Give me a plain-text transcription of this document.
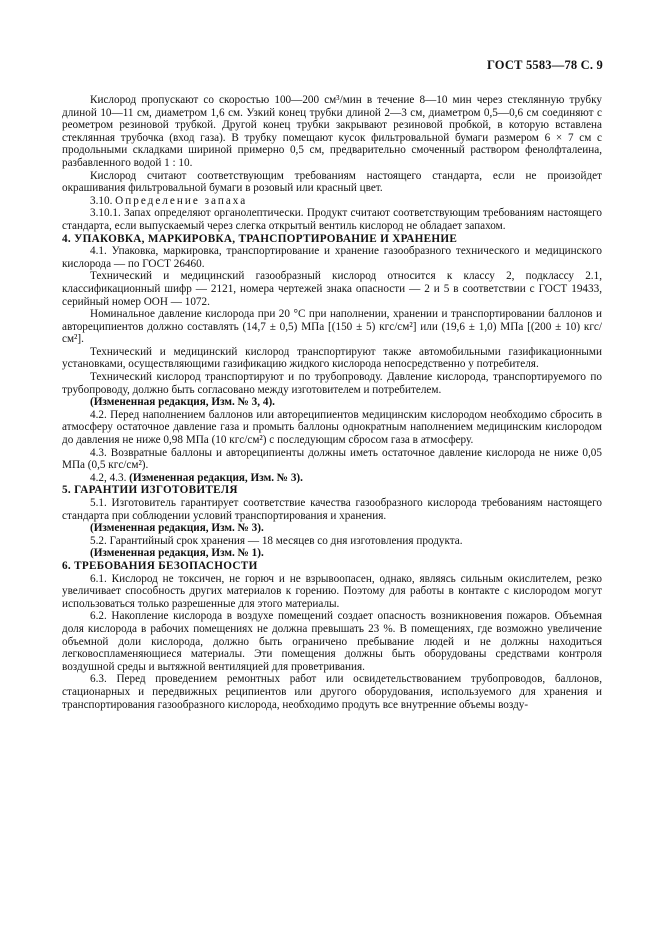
ГОСТ 5583—78 С. 9

Кислород пропускают со скоростью 100—200 см³/мин в течение 8—10 мин через стеклянную трубку длиной 10—11 см, диаметром 1,6 см. Узкий конец трубки длиной 2—3 см, диаметром 0,5—0,6 см соединяют с реометром резиновой трубкой. Другой конец трубки закрывают резиновой пробкой, в которую вставлена стеклянная трубочка (вход газа). В трубку помещают кусок фильтровальной бумаги размером 6 × 7 см с продольными складками шириной примерно 0,5 см, предварительно смоченный раствором фенолфталеина, разбавленного водой 1 : 10.

Кислород считают соответствующим требованиям настоящего стандарта, если не произойдет окрашивания фильтровальной бумаги в розовый или красный цвет.

3.10. Определение запаха

3.10.1. Запах определяют органолептически. Продукт считают соответствующим требованиям настоящего стандарта, если выпускаемый через слегка открытый вентиль кислород не обладает запахом.

4. УПАКОВКА, МАРКИРОВКА, ТРАНСПОРТИРОВАНИЕ И ХРАНЕНИЕ

4.1. Упаковка, маркировка, транспортирование и хранение газообразного технического и медицинского кислорода — по ГОСТ 26460.

Технический и медицинский газообразный кислород относится к классу 2, подклассу 2.1, классификационный шифр — 2121, номера чертежей знака опасности — 2 и 5 в соответствии с ГОСТ 19433, серийный номер ООН — 1072.

Номинальное давление кислорода при 20 °С при наполнении, хранении и транспортировании баллонов и автореципиентов должно составлять (14,7 ± 0,5) МПа [(150 ± 5) кгс/см²] или (19,6 ± 1,0) МПа [(200 ± 10) кгс/см²].

Технический и медицинский кислород транспортируют также автомобильными газификационными установками, осуществляющими газификацию жидкого кислорода непосредственно у потребителя.

Технический кислород транспортируют и по трубопроводу. Давление кислорода, транспортируемого по трубопроводу, должно быть согласовано между изготовителем и потребителем.

(Измененная редакция, Изм. № 3, 4).

4.2. Перед наполнением баллонов или автореципиентов медицинским кислородом необходимо сбросить в атмосферу остаточное давление газа и промыть баллоны однократным наполнением медицинским кислородом до давления не ниже 0,98 МПа (10 кгс/см²) с последующим сбросом газа в атмосферу.

4.3. Возвратные баллоны и автореципиенты должны иметь остаточное давление кислорода не ниже 0,05 МПа (0,5 кгс/см²).

4.2, 4.3. (Измененная редакция, Изм. № 3).

5. ГАРАНТИИ ИЗГОТОВИТЕЛЯ

5.1. Изготовитель гарантирует соответствие качества газообразного кислорода требованиям настоящего стандарта при соблюдении условий транспортирования и хранения.

(Измененная редакция, Изм. № 3).

5.2. Гарантийный срок хранения — 18 месяцев со дня изготовления продукта.

(Измененная редакция, Изм. № 1).

6. ТРЕБОВАНИЯ БЕЗОПАСНОСТИ

6.1. Кислород не токсичен, не горюч и не взрывоопасен, однако, являясь сильным окислителем, резко увеличивает способность других материалов к горению. Поэтому для работы в контакте с кислородом могут использоваться только разрешенные для этого материалы.

6.2. Накопление кислорода в воздухе помещений создает опасность возникновения пожаров. Объемная доля кислорода в рабочих помещениях не должна превышать 23 %. В помещениях, где возможно увеличение объемной доли кислорода, должно быть ограничено пребывание людей и не должны находиться легковоспламеняющиеся материалы. Эти помещения должны быть оборудованы средствами контроля воздушной среды и вытяжной вентиляцией для проветривания.

6.3. Перед проведением ремонтных работ или освидетельствованием трубопроводов, баллонов, стационарных и передвижных реципиентов или другого оборудования, используемого для хранения и транспортирования газообразного кислорода, необходимо продуть все внутренние объемы возду-
